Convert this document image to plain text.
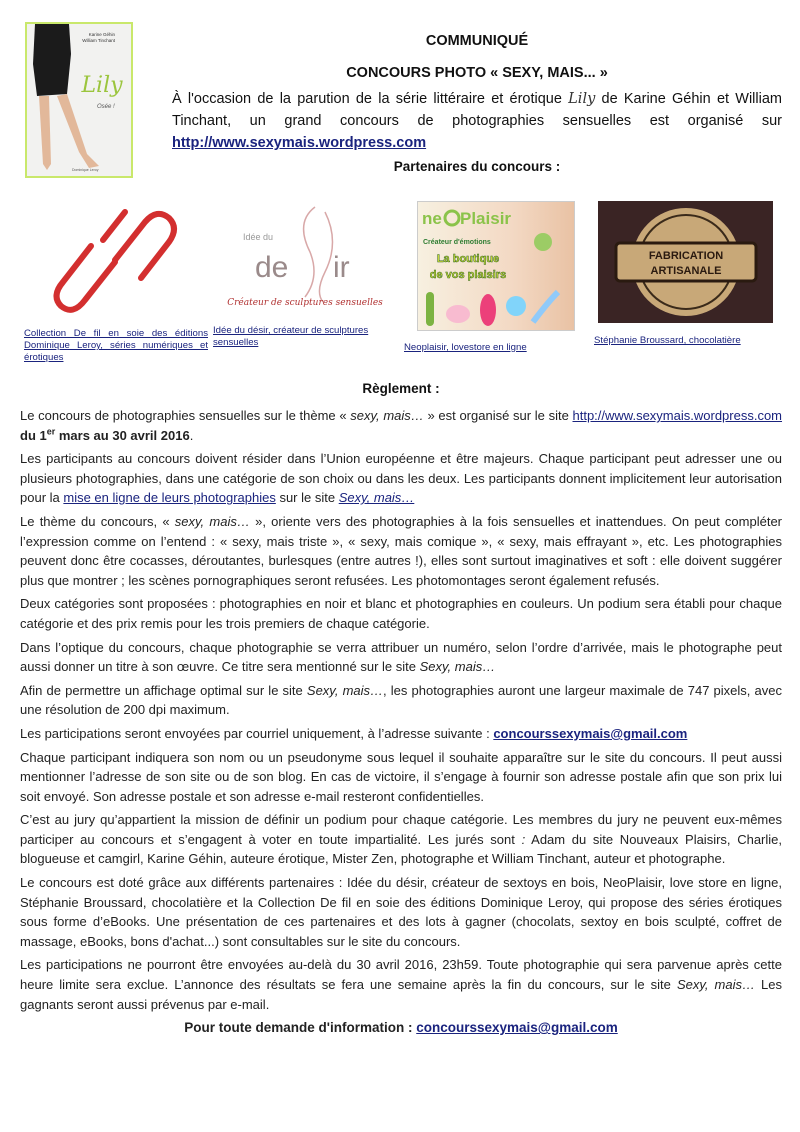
Karine Géhin
William Tinchant
Lily
Osée !
Dominique Leroy
COMMUNIQUÉ
CONCOURS PHOTO « SEXY, MAIS... »
À l'occasion de la parution de la série littéraire et érotique Lily de Karine Géhin et William Tinchant, un grand concours de photographies sensuelles est organisé sur http://www.sexymais.wordpress.com
Partenaires du concours :
Collection De fil en soie des éditions Dominique Leroy, séries numériques et érotiques
Idée du
de ir
Créateur de sculptures sensuelles
Idée du désir, créateur de sculptures sensuelles
ne Plaisir
Créateur d'émotions
La boutique
de vos plaisirs
Neoplaisir, lovestore en ligne
FABRICATION
ARTISANALE
Stéphanie Broussard, chocolatière
Règlement :

Le concours de photographies sensuelles sur le thème « sexy, mais… » est organisé sur le site http://www.sexymais.wordpress.com du 1er mars au 30 avril 2016.

Les participants au concours doivent résider dans l’Union européenne et être majeurs. Chaque participant peut adresser une ou plusieurs photographies, dans une catégorie de son choix ou dans les deux. Les participants donnent implicitement leur autorisation pour la mise en ligne de leurs photographies sur le site Sexy, mais…

Le thème du concours, « sexy, mais… », oriente vers des photographies à la fois sensuelles et inattendues. On peut compléter l’expression comme on l’entend : « sexy, mais triste », « sexy, mais comique », « sexy, mais effrayant », etc. Les photographies peuvent donc être cocasses, déroutantes, burlesques (entre autres !), elles sont surtout imaginatives et soft : elle doivent suggérer plus que montrer ; les scènes pornographiques seront refusées. Les photomontages seront également refusés.

Deux catégories sont proposées : photographies en noir et blanc et photographies en couleurs. Un podium sera établi pour chaque catégorie et des prix remis pour les trois premiers de chaque catégorie.

Dans l’optique du concours, chaque photographie se verra attribuer un numéro, selon l’ordre d’arrivée, mais le photographe peut aussi donner un titre à son œuvre. Ce titre sera mentionné sur le site Sexy, mais…

Afin de permettre un affichage optimal sur le site Sexy, mais…, les photographies auront une largeur maximale de 747 pixels, avec une résolution de 200 dpi maximum.

Les participations seront envoyées par courriel uniquement, à l’adresse suivante : concourssexymais@gmail.com

Chaque participant indiquera son nom ou un pseudonyme sous lequel il souhaite apparaître sur le site du concours. Il peut aussi mentionner l’adresse de son site ou de son blog. En cas de victoire, il s’engage à fournir son adresse postale afin que son prix lui soit envoyé. Son adresse postale et son adresse e-mail resteront confidentielles.

C’est au jury qu’appartient la mission de définir un podium pour chaque catégorie. Les membres du jury ne peuvent eux-mêmes participer au concours et s’engagent à voter en toute impartialité. Les jurés sont : Adam du site Nouveaux Plaisirs, Charlie, blogueuse et camgirl, Karine Géhin, auteure érotique, Mister Zen, photographe et William Tinchant, auteur et photographe.

Le concours est doté grâce aux différents partenaires : Idée du désir, créateur de sextoys en bois, NeoPlaisir, love store en ligne, Stéphanie Broussard, chocolatière et la Collection De fil en soie des éditions Dominique Leroy, qui propose des séries érotiques sous forme d’eBooks. Une présentation de ces partenaires et des lots à gagner (chocolats, sextoy en bois sculpté, coffret de massage, eBooks, bons d'achat...) sont consultables sur le site du concours.

Les participations ne pourront être envoyées au-delà du 30 avril 2016, 23h59. Toute photographie qui sera parvenue après cette heure limite sera exclue. L’annonce des résultats se fera une semaine après la fin du concours, sur le site Sexy, mais… Les gagnants seront aussi prévenus par e-mail.

Pour toute demande d'information : concourssexymais@gmail.com
